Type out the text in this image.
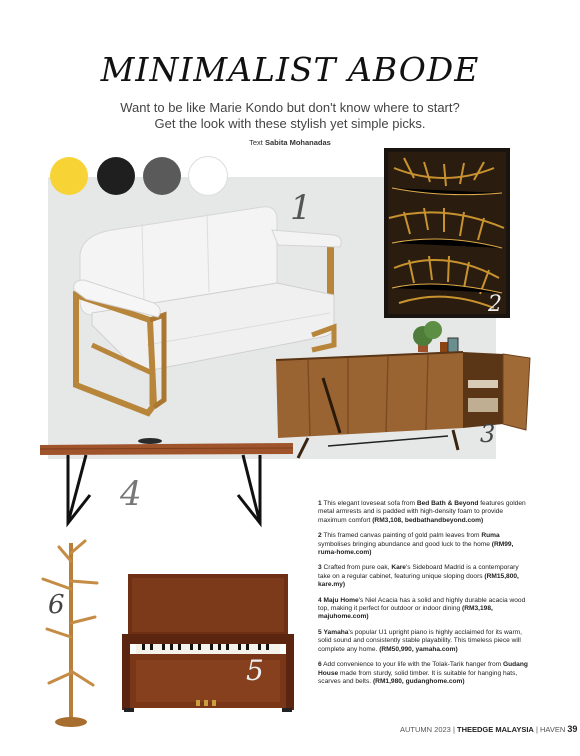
MINIMALIST ABODE
Want to be like Marie Kondo but don't know where to start?
Get the look with these stylish yet simple picks.
Text Sabita Mohanadas
1
2
3
4
5
6

1 This elegant loveseat sofa from Bed Bath & Beyond features golden metal armrests and is padded with high-density foam to provide maximum comfort (RM3,108, bedbathandbeyond.com)

2 This framed canvas painting of gold palm leaves from Ruma symbolises bringing abundance and good luck to the home (RM99, ruma-home.com)

3 Crafted from pure oak, Kare's Sideboard Madrid is a contemporary take on a regular cabinet, featuring unique sloping doors (RM15,800, kare.my)

4 Maju Home's Niel Acacia has a solid and highly durable acacia wood top, making it perfect for outdoor or indoor dining (RM3,198, majuhome.com)

5 Yamaha's popular U1 upright piano is highly acclaimed for its warm, solid sound and consistently stable playability. This timeless piece will complete any home. (RM50,990, yamaha.com)

6 Add convenience to your life with the Tolak-Tarik hanger from Gudang House made from sturdy, solid timber. It is suitable for hanging hats, scarves and belts. (RM1,980, gudanghome.com)

AUTUMN 2023 | THEEDGE MALAYSIA | HAVEN 39
